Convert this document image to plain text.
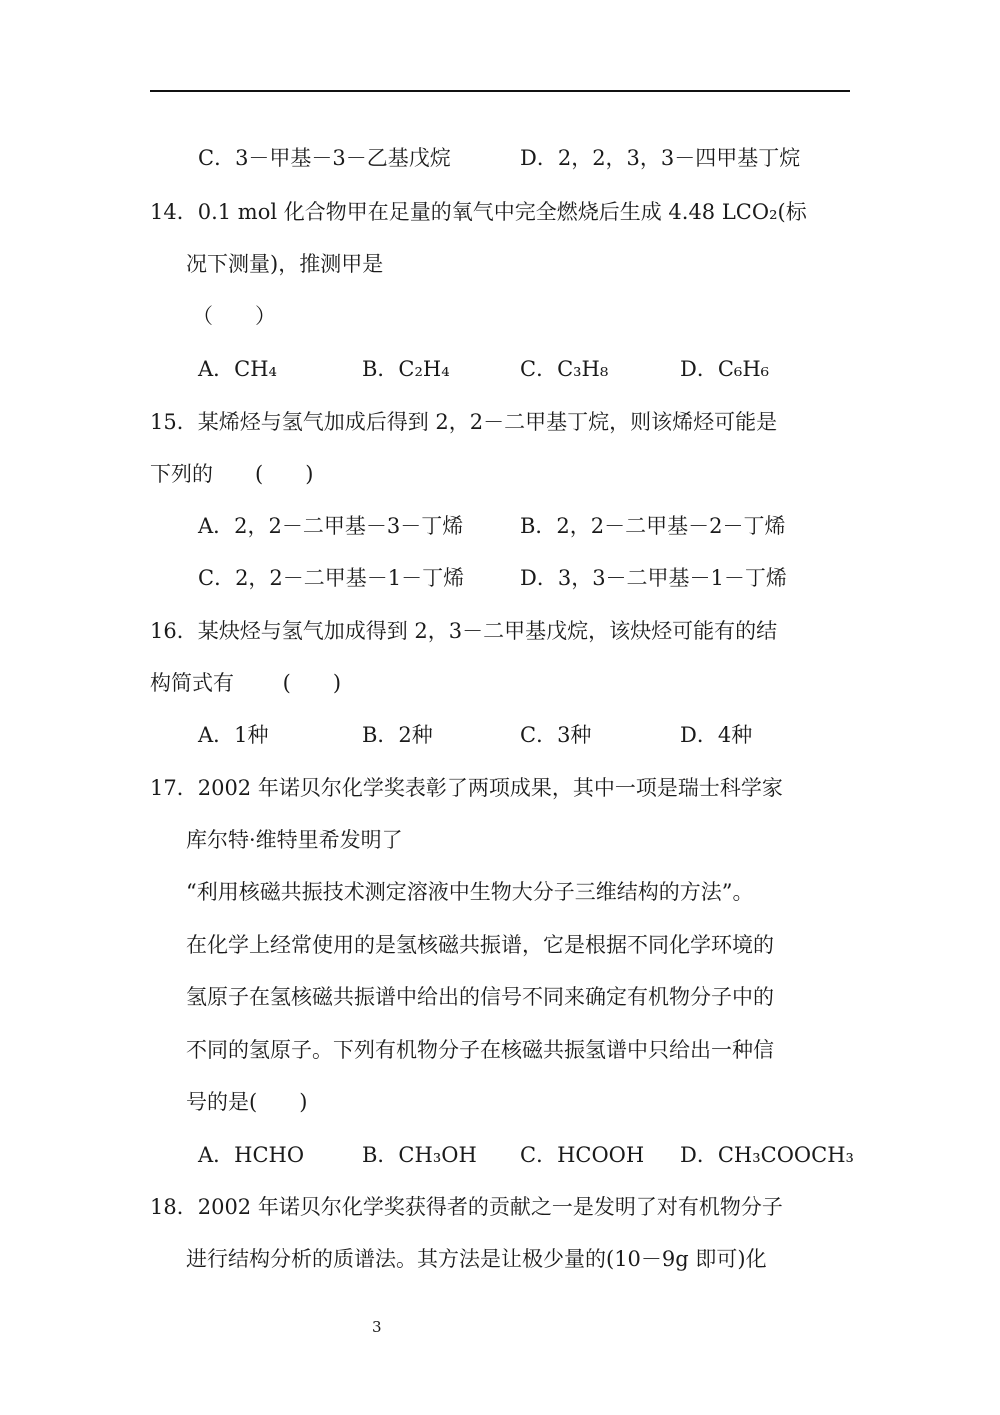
C．3－甲基－3－乙基戊烷	D．2，2，3，3－四甲基丁烷
14．0.1 mol 化合物甲在足量的氧气中完全燃烧后生成 4.48 LCO₂(标
况下测量)，推测甲是
（　　）
A．CH₄	B．C₂H₄	C．C₃H₈	D．C₆H₆
15．某烯烃与氢气加成后得到 2，2－二甲基丁烷，则该烯烃可能是
下列的　　(　　)
A．2，2－二甲基－3－丁烯	B．2，2－二甲基－2－丁烯
C．2，2－二甲基－1－丁烯	D．3，3－二甲基－1－丁烯
16．某炔烃与氢气加成得到 2，3－二甲基戊烷，该炔烃可能有的结
构简式有　　 (　　)
A．1种	B．2种	C．3种	D．4种
17．2002 年诺贝尔化学奖表彰了两项成果，其中一项是瑞士科学家
库尔特·维特里希发明了
“利用核磁共振技术测定溶液中生物大分子三维结构的方法”。
在化学上经常使用的是氢核磁共振谱，它是根据不同化学环境的
氢原子在氢核磁共振谱中给出的信号不同来确定有机物分子中的
不同的氢原子。下列有机物分子在核磁共振氢谱中只给出一种信
号的是(　　)
A．HCHO	B．CH₃OH C．HCOOH D．CH₃COOCH₃
18．2002 年诺贝尔化学奖获得者的贡献之一是发明了对有机物分子
进行结构分析的质谱法。其方法是让极少量的(10－9g 即可)化
3
